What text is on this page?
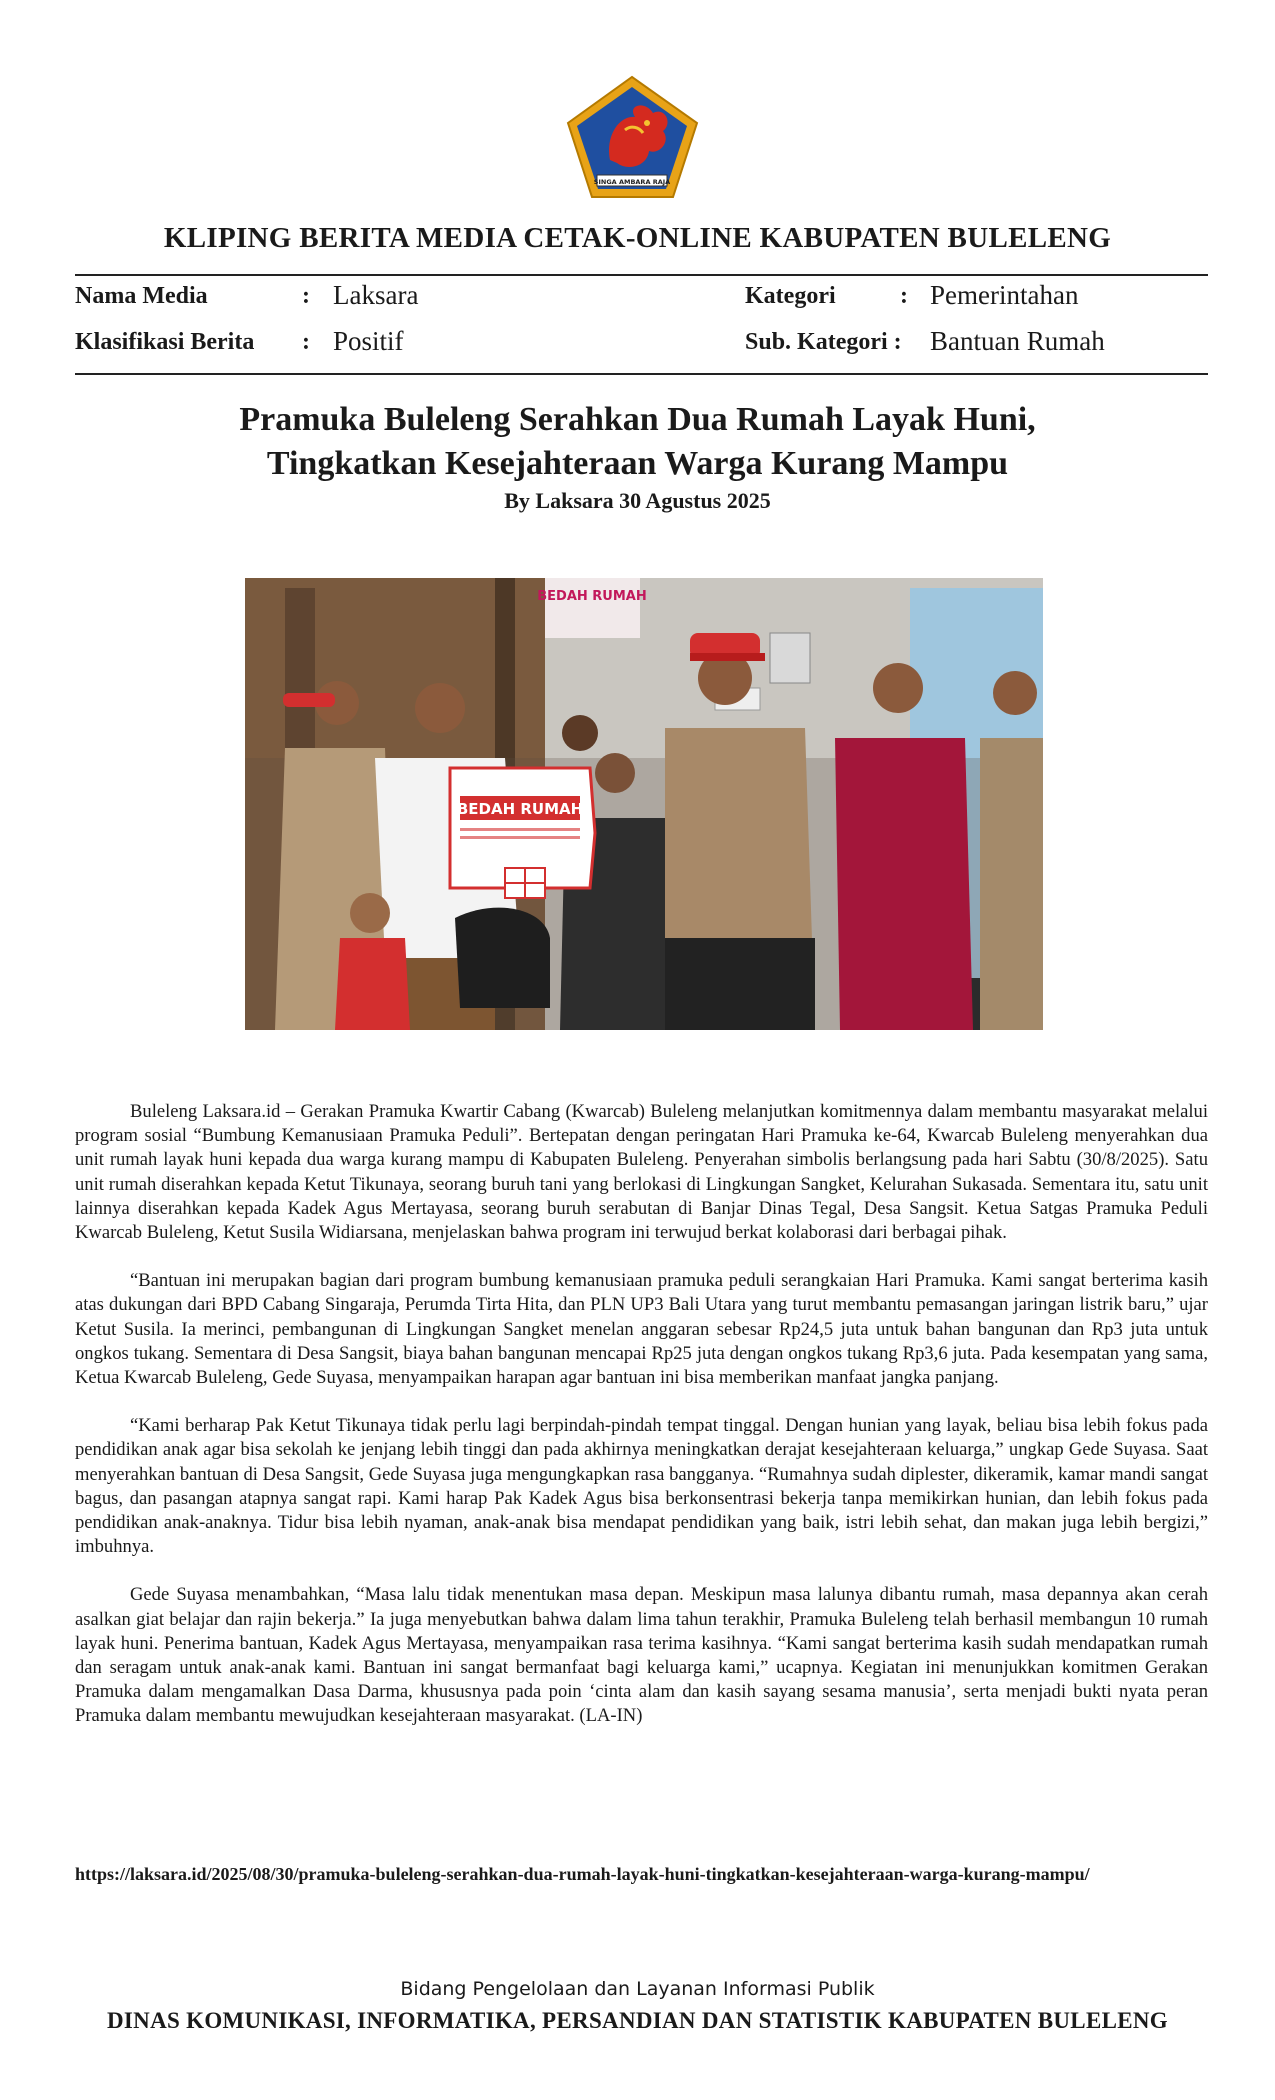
SINGA AMBARA RAJA
KLIPING BERITA MEDIA CETAK-ONLINE KABUPATEN BULELENG
Nama Media	: Laksara
Klasifikasi Berita : Positif
Kategori	: Pemerintahan
Sub. Kategori : Bantuan Rumah
Pramuka Buleleng Serahkan Dua Rumah Layak Huni,
Tingkatkan Kesejahteraan Warga Kurang Mampu
By Laksara 30 Agustus 2025
BEDAH RUMAH
BEDAH RUMAH

Buleleng Laksara.id – Gerakan Pramuka Kwartir Cabang (Kwarcab) Buleleng melanjutkan komitmennya dalam membantu masyarakat melalui program sosial “Bumbung Kemanusiaan Pramuka Peduli”. Bertepatan dengan peringatan Hari Pramuka ke-64, Kwarcab Buleleng menyerahkan dua unit rumah layak huni kepada dua warga kurang mampu di Kabupaten Buleleng. Penyerahan simbolis berlangsung pada hari Sabtu (30/8/2025). Satu unit rumah diserahkan kepada Ketut Tikunaya, seorang buruh tani yang berlokasi di Lingkungan Sangket, Kelurahan Sukasada. Sementara itu, satu unit lainnya diserahkan kepada Kadek Agus Mertayasa, seorang buruh serabutan di Banjar Dinas Tegal, Desa Sangsit. Ketua Satgas Pramuka Peduli Kwarcab Buleleng, Ketut Susila Widiarsana, menjelaskan bahwa program ini terwujud berkat kolaborasi dari berbagai pihak.

“Bantuan ini merupakan bagian dari program bumbung kemanusiaan pramuka peduli serangkaian Hari Pramuka. Kami sangat berterima kasih atas dukungan dari BPD Cabang Singaraja, Perumda Tirta Hita, dan PLN UP3 Bali Utara yang turut membantu pemasangan jaringan listrik baru,” ujar Ketut Susila. Ia merinci, pembangunan di Lingkungan Sangket menelan anggaran sebesar Rp24,5 juta untuk bahan bangunan dan Rp3 juta untuk ongkos tukang. Sementara di Desa Sangsit, biaya bahan bangunan mencapai Rp25 juta dengan ongkos tukang Rp3,6 juta. Pada kesempatan yang sama, Ketua Kwarcab Buleleng, Gede Suyasa, menyampaikan harapan agar bantuan ini bisa memberikan manfaat jangka panjang.

“Kami berharap Pak Ketut Tikunaya tidak perlu lagi berpindah-pindah tempat tinggal. Dengan hunian yang layak, beliau bisa lebih fokus pada pendidikan anak agar bisa sekolah ke jenjang lebih tinggi dan pada akhirnya meningkatkan derajat kesejahteraan keluarga,” ungkap Gede Suyasa. Saat menyerahkan bantuan di Desa Sangsit, Gede Suyasa juga mengungkapkan rasa bangganya. “Rumahnya sudah diplester, dikeramik, kamar mandi sangat bagus, dan pasangan atapnya sangat rapi. Kami harap Pak Kadek Agus bisa berkonsentrasi bekerja tanpa memikirkan hunian, dan lebih fokus pada pendidikan anak-anaknya. Tidur bisa lebih nyaman, anak-anak bisa mendapat pendidikan yang baik, istri lebih sehat, dan makan juga lebih bergizi,” imbuhnya.

Gede Suyasa menambahkan, “Masa lalu tidak menentukan masa depan. Meskipun masa lalunya dibantu rumah, masa depannya akan cerah asalkan giat belajar dan rajin bekerja.” Ia juga menyebutkan bahwa dalam lima tahun terakhir, Pramuka Buleleng telah berhasil membangun 10 rumah layak huni. Penerima bantuan, Kadek Agus Mertayasa, menyampaikan rasa terima kasihnya. “Kami sangat berterima kasih sudah mendapatkan rumah dan seragam untuk anak-anak kami. Bantuan ini sangat bermanfaat bagi keluarga kami,” ucapnya. Kegiatan ini menunjukkan komitmen Gerakan Pramuka dalam mengamalkan Dasa Darma, khususnya pada poin ‘cinta alam dan kasih sayang sesama manusia’, serta menjadi bukti nyata peran Pramuka dalam membantu mewujudkan kesejahteraan masyarakat. (LA-IN)

https://laksara.id/2025/08/30/pramuka-buleleng-serahkan-dua-rumah-layak-huni-tingkatkan-kesejahteraan-warga-kurang-mampu/
Bidang Pengelolaan dan Layanan Informasi Publik
DINAS KOMUNIKASI, INFORMATIKA, PERSANDIAN DAN STATISTIK KABUPATEN BULELENG
